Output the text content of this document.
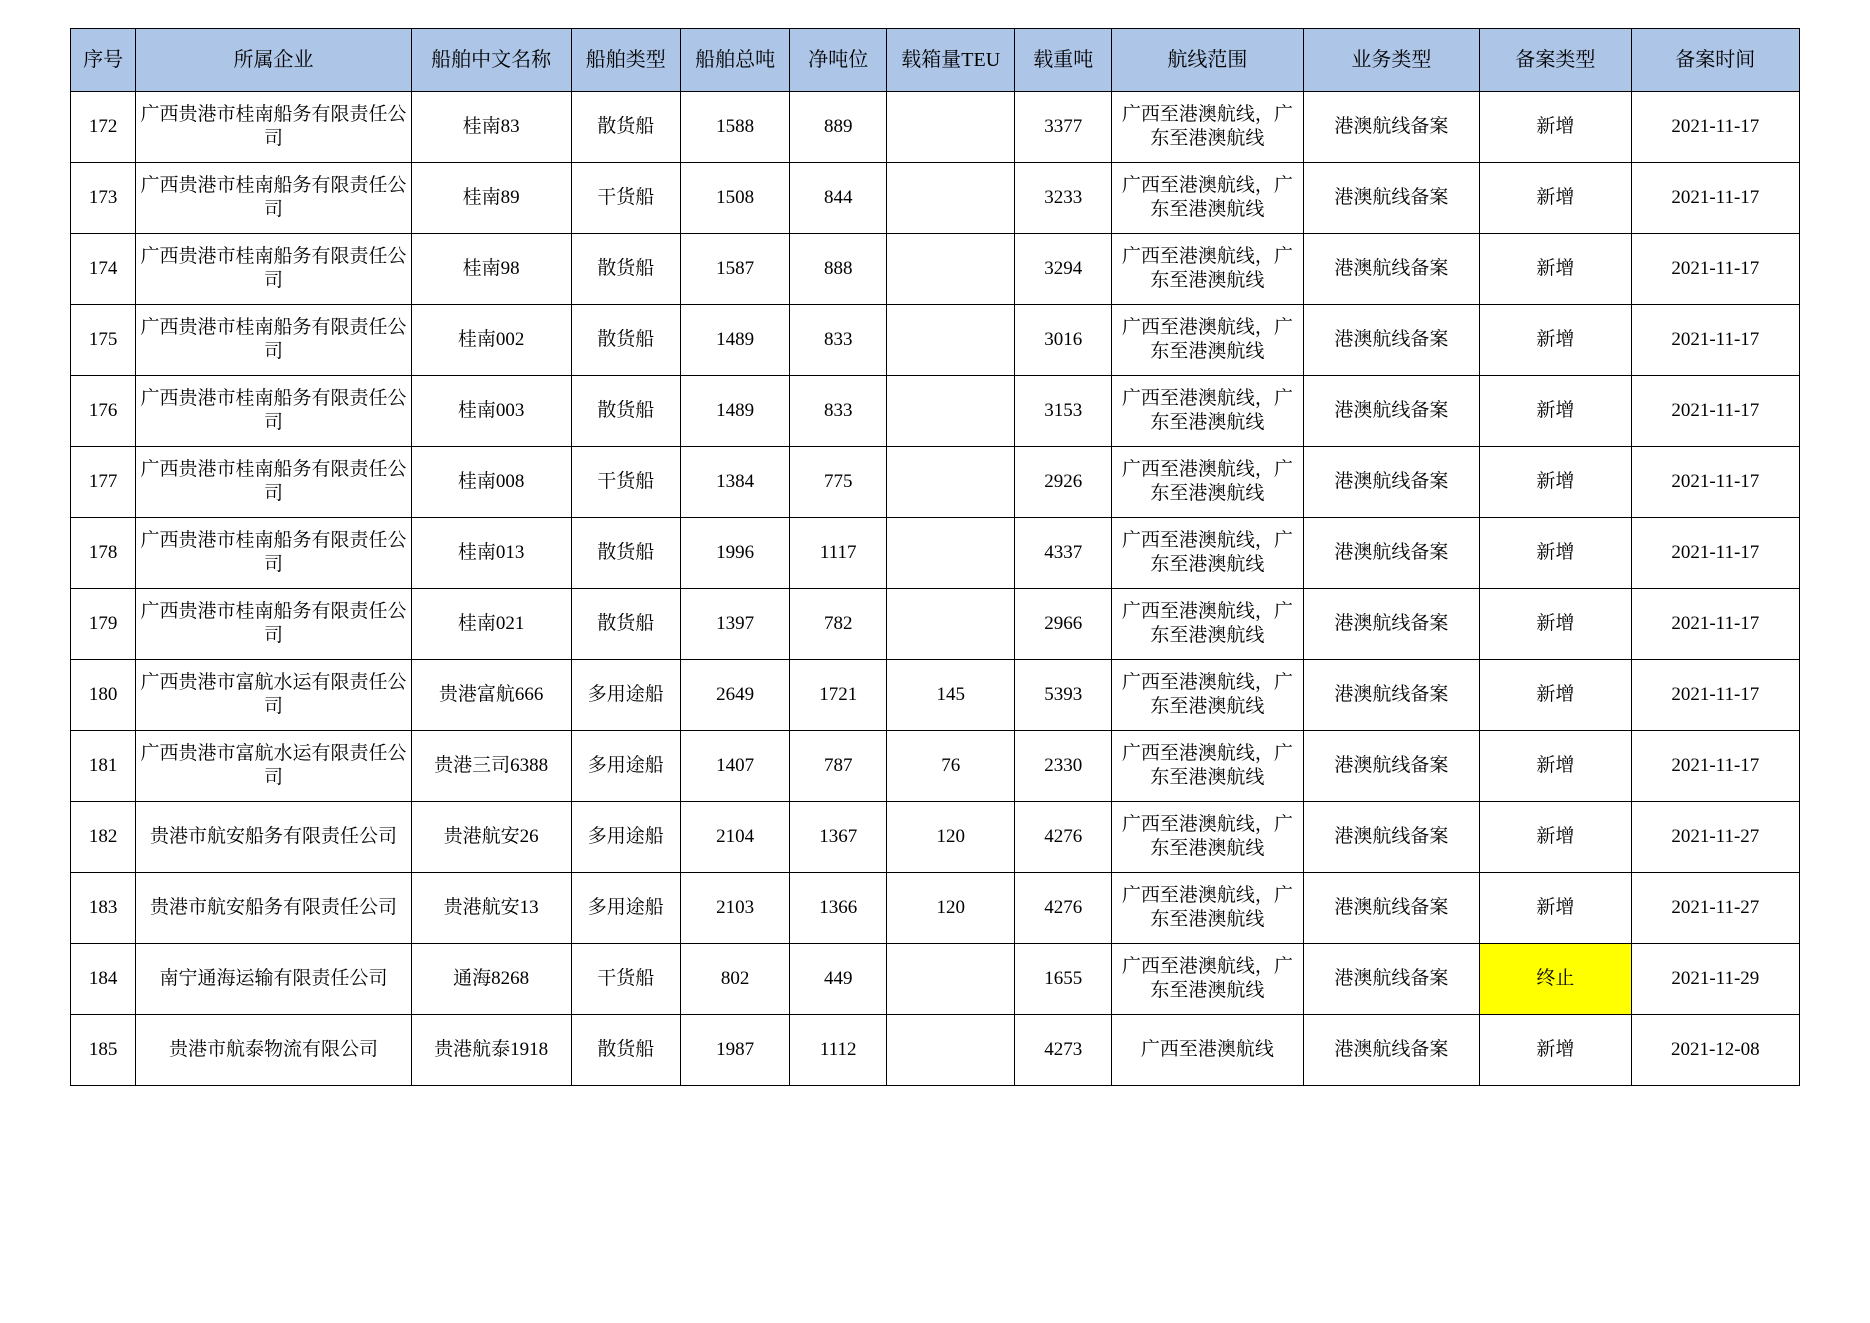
序号	所属企业	船舶中文名称	船舶类型	船舶总吨	净吨位	载箱量TEU	载重吨	航线范围	业务类型	备案类型	备案时间
172	广西贵港市桂南船务有限责任公司	桂南83	散货船	1588	889		3377	广西至港澳航线，广东至港澳航线	港澳航线备案	新增	2021-11-17
173	广西贵港市桂南船务有限责任公司	桂南89	干货船	1508	844		3233	广西至港澳航线，广东至港澳航线	港澳航线备案	新增	2021-11-17
174	广西贵港市桂南船务有限责任公司	桂南98	散货船	1587	888		3294	广西至港澳航线，广东至港澳航线	港澳航线备案	新增	2021-11-17
175	广西贵港市桂南船务有限责任公司	桂南002	散货船	1489	833		3016	广西至港澳航线，广东至港澳航线	港澳航线备案	新增	2021-11-17
176	广西贵港市桂南船务有限责任公司	桂南003	散货船	1489	833		3153	广西至港澳航线，广东至港澳航线	港澳航线备案	新增	2021-11-17
177	广西贵港市桂南船务有限责任公司	桂南008	干货船	1384	775		2926	广西至港澳航线，广东至港澳航线	港澳航线备案	新增	2021-11-17
178	广西贵港市桂南船务有限责任公司	桂南013	散货船	1996	1117		4337	广西至港澳航线，广东至港澳航线	港澳航线备案	新增	2021-11-17
179	广西贵港市桂南船务有限责任公司	桂南021	散货船	1397	782		2966	广西至港澳航线，广东至港澳航线	港澳航线备案	新增	2021-11-17
180	广西贵港市富航水运有限责任公司	贵港富航666	多用途船	2649	1721	145	5393	广西至港澳航线，广东至港澳航线	港澳航线备案	新增	2021-11-17
181	广西贵港市富航水运有限责任公司	贵港三司6388	多用途船	1407	787	76	2330	广西至港澳航线，广东至港澳航线	港澳航线备案	新增	2021-11-17
182	贵港市航安船务有限责任公司	贵港航安26	多用途船	2104	1367	120	4276	广西至港澳航线，广东至港澳航线	港澳航线备案	新增	2021-11-27
183	贵港市航安船务有限责任公司	贵港航安13	多用途船	2103	1366	120	4276	广西至港澳航线，广东至港澳航线	港澳航线备案	新增	2021-11-27
184	南宁通海运输有限责任公司	通海8268	干货船	802	449		1655	广西至港澳航线，广东至港澳航线	港澳航线备案	终止	2021-11-29
185	贵港市航泰物流有限公司	贵港航泰1918	散货船	1987	1112		4273	广西至港澳航线	港澳航线备案	新增	2021-12-08
